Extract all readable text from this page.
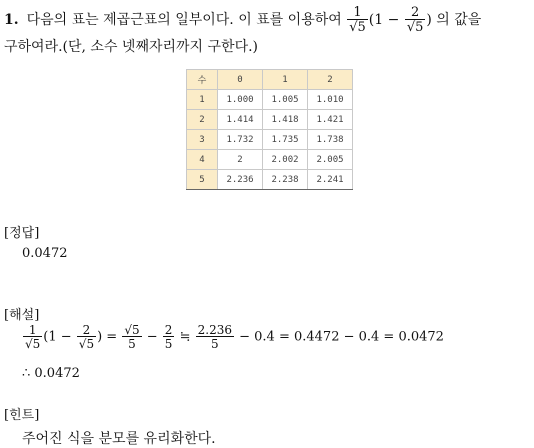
1. 다음의 표는 제곱근표의 일부이다. 이 표를 이용하여 $\frac{1}{√5} (1 - \frac{2}{√5}$ ) 의 값을
구하여라.(단, 소수 넷째자리까지 구한다.)
수	0	1	2
1	1.000	1.005	1.010
2	1.414	1.418	1.421
3	1.732	1.735	1.738
4	2	2.002	2.005
5	2.236	2.238	2.241
[정답]
0.0472
[해설]
$\frac{1}{√5} (1 - \frac{2}{√5}$ ) = $\frac{√5}{5} - \frac{2}{5}$ ≒ $\frac{2.236}{5} - 0.4 = 0.4472 - 0.4 = 0.0472$
∴ 0.0472
[힌트]
주어진 식을 분모를 유리화한다.
